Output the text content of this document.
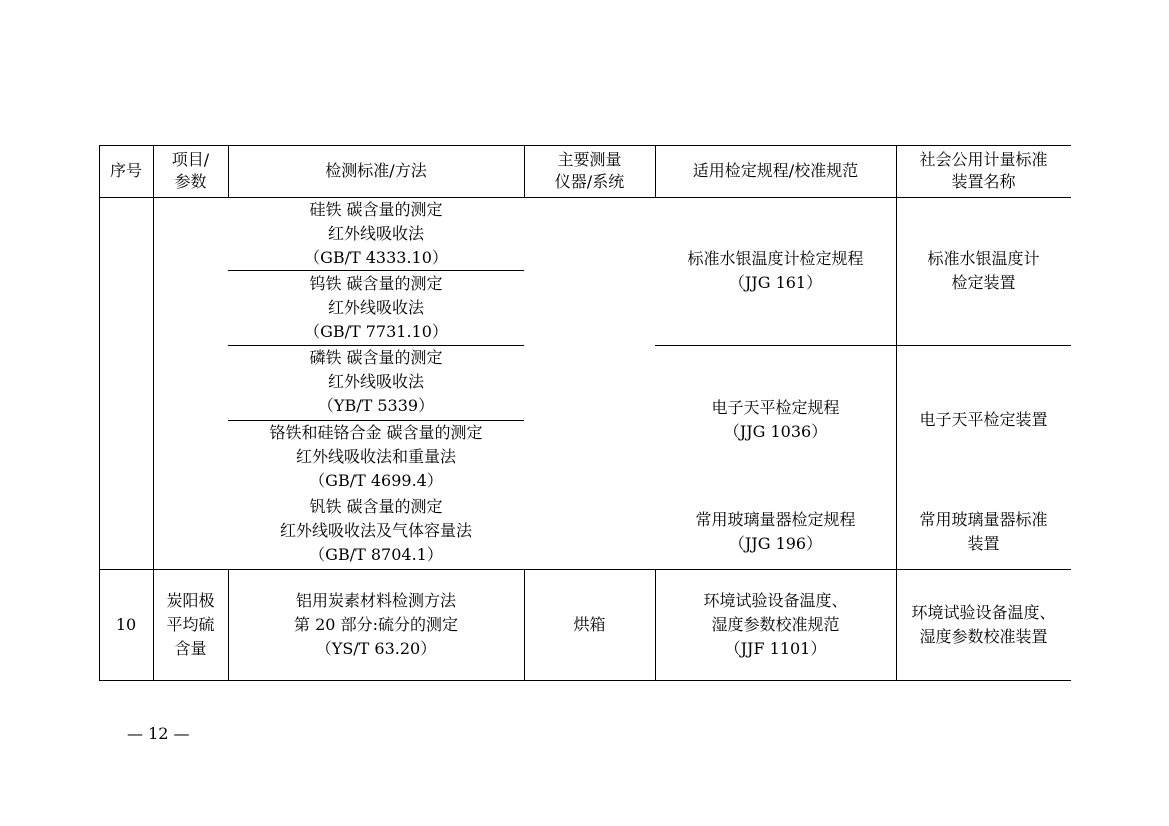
序号
项目/
参数
检测标准/方法
主要测量
仪器/系统
适用检定规程/校准规范
社会公用计量标准
装置名称
硅铁 碳含量的测定
红外线吸收法
（GB/T 4333.10）
钨铁 碳含量的测定
红外线吸收法
（GB/T 7731.10）
磷铁 碳含量的测定
红外线吸收法
（YB/T 5339）
铬铁和硅铬合金 碳含量的测定
红外线吸收法和重量法
（GB/T 4699.4）
钒铁 碳含量的测定
红外线吸收法及气体容量法
（GB/T 8704.1）
标准水银温度计检定规程
（JJG 161）
电子天平检定规程
（JJG 1036）
常用玻璃量器检定规程
（JJG 196）
标准水银温度计
检定装置
电子天平检定装置
常用玻璃量器标准
装置
10
炭阳极
平均硫
含量
铝用炭素材料检测方法
第 20 部分:硫分的测定
（YS/T 63.20）
烘箱
环境试验设备温度、
湿度参数校准规范
（JJF 1101）
环境试验设备温度、
湿度参数校准装置
— 12 —
